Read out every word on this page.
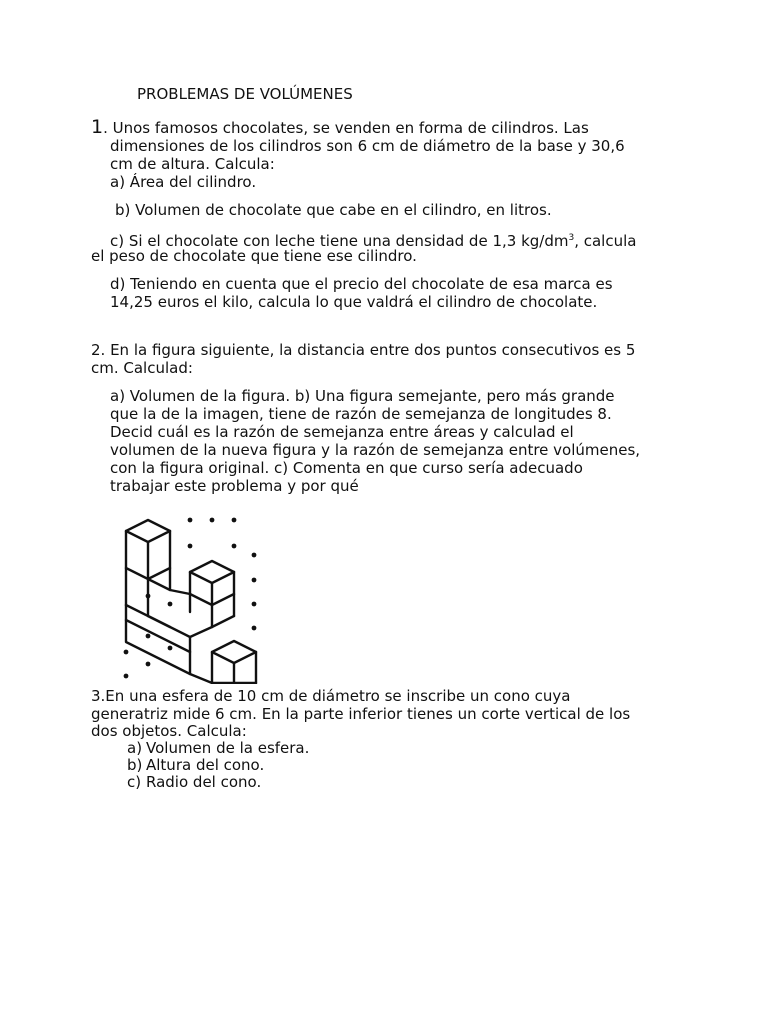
PROBLEMAS DE VOLÚMENES
1. Unos famosos chocolates, se venden en forma de cilindros. Las
dimensiones de los cilindros son 6 cm de diámetro de la base y 30,6
cm de altura. Calcula:
a) Área del cilindro.
b) Volumen de chocolate que cabe en el cilindro, en litros.
c) Si el chocolate con leche tiene una densidad de 1,3 $kg/dm^3$, calcula
el peso de chocolate que tiene ese cilindro.
d) Teniendo en cuenta que el precio del chocolate de esa marca es
14,25 euros el kilo, calcula lo que valdrá el cilindro de chocolate.
2. En la figura siguiente, la distancia entre dos puntos consecutivos es 5
cm. Calculad:
a) Volumen de la figura. b) Una figura semejante, pero más grande
que la de la imagen, tiene de razón de semejanza de longitudes 8.
Decid cuál es la razón de semejanza entre áreas y calculad el
volumen de la nueva figura y la razón de semejanza entre volúmenes,
con la figura original. c) Comenta en que curso sería adecuado
trabajar este problema y por qué
3.En una esfera de 10 cm de diámetro se inscribe un cono cuya
generatriz mide 6 cm. En la parte inferior tienes un corte vertical de los
dos objetos. Calcula:
a) Volumen de la esfera.
b) Altura del cono.
c) Radio del cono.
